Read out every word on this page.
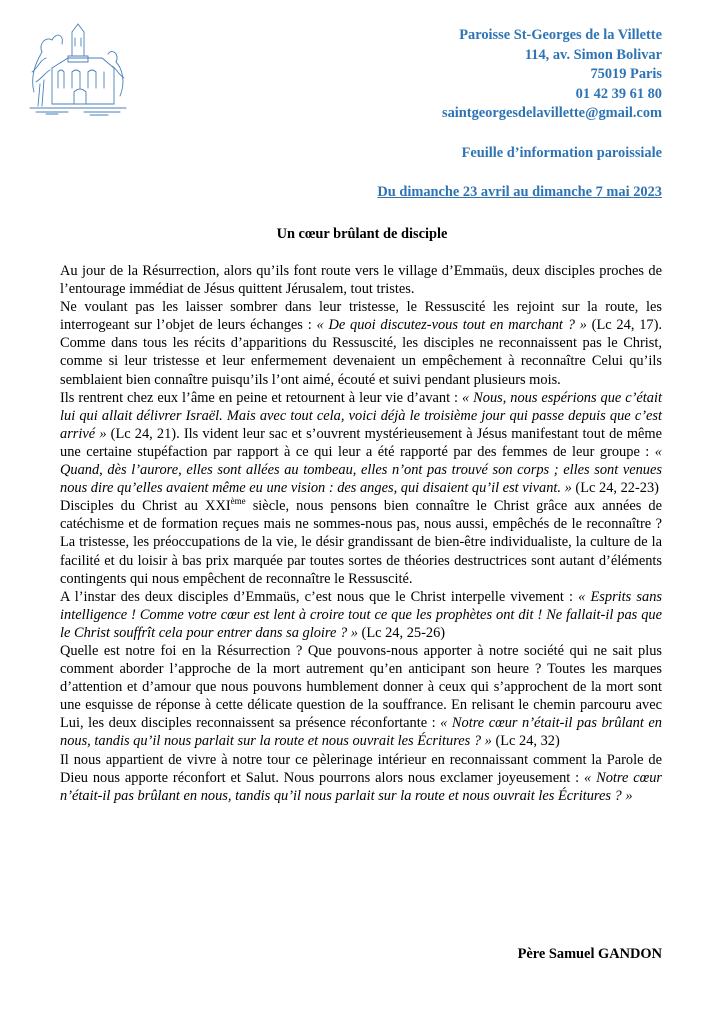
Paroisse St-Georges de la Villette
114, av. Simon Bolivar
75019 Paris
01 42 39 61 80
saintgeorgesdelavillette@gmail.com
Feuille d’information paroissiale
Du dimanche 23 avril au dimanche 7 mai 2023
Un cœur brûlant de disciple

Au jour de la Résurrection, alors qu’ils font route vers le village d’Emmaüs, deux disciples proches de l’entourage immédiat de Jésus quittent Jérusalem, tout tristes.

Ne voulant pas les laisser sombrer dans leur tristesse, le Ressuscité les rejoint sur la route, les interrogeant sur l’objet de leurs échanges : « De quoi discutez-vous tout en marchant ? » (Lc 24, 17). Comme dans tous les récits d’apparitions du Ressuscité, les disciples ne reconnaissent pas le Christ, comme si leur tristesse et leur enfermement devenaient un empêchement à reconnaître Celui qu’ils semblaient bien connaître puisqu’ils l’ont aimé, écouté et suivi pendant plusieurs mois.

Ils rentrent chez eux l’âme en peine et retournent à leur vie d’avant : « Nous, nous espérions que c’était lui qui allait délivrer Israël. Mais avec tout cela, voici déjà le troisième jour qui passe depuis que c’est arrivé » (Lc 24, 21). Ils vident leur sac et s’ouvrent mystérieusement à Jésus manifestant tout de même une certaine stupéfaction par rapport à ce qui leur a été rapporté par des femmes de leur groupe : « Quand, dès l’aurore, elles sont allées au tombeau, elles n’ont pas trouvé son corps ; elles sont venues nous dire qu’elles avaient même eu une vision : des anges, qui disaient qu’il est vivant. » (Lc 24, 22-23)

Disciples du Christ au XXIème siècle, nous pensons bien connaître le Christ grâce aux années de catéchisme et de formation reçues mais ne sommes-nous pas, nous aussi, empêchés de le reconnaître ? La tristesse, les préoccupations de la vie, le désir grandissant de bien-être individualiste, la culture de la facilité et du loisir à bas prix marquée par toutes sortes de théories destructrices sont autant d’éléments contingents qui nous empêchent de reconnaître le Ressuscité.

A l’instar des deux disciples d’Emmaüs, c’est nous que le Christ interpelle vivement : « Esprits sans intelligence ! Comme votre cœur est lent à croire tout ce que les prophètes ont dit ! Ne fallait-il pas que le Christ souffrît cela pour entrer dans sa gloire ? » (Lc 24, 25-26)

Quelle est notre foi en la Résurrection ? Que pouvons-nous apporter à notre société qui ne sait plus comment aborder l’approche de la mort autrement qu’en anticipant son heure ? Toutes les marques d’attention et d’amour que nous pouvons humblement donner à ceux qui s’approchent de la mort sont une esquisse de réponse à cette délicate question de la souffrance. En relisant le chemin parcouru avec Lui, les deux disciples reconnaissent sa présence réconfortante : « Notre cœur n’était-il pas brûlant en nous, tandis qu’il nous parlait sur la route et nous ouvrait les Écritures ? » (Lc 24, 32)

Il nous appartient de vivre à notre tour ce pèlerinage intérieur en reconnaissant comment la Parole de Dieu nous apporte réconfort et Salut. Nous pourrons alors nous exclamer joyeusement : « Notre cœur n’était-il pas brûlant en nous, tandis qu’il nous parlait sur la route et nous ouvrait les Écritures ? »

Père Samuel GANDON
